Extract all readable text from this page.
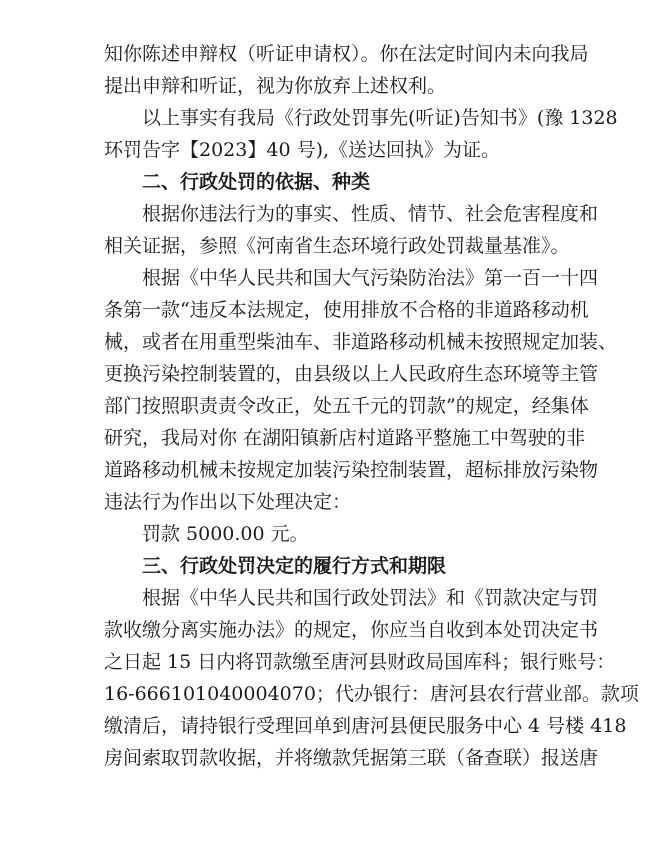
知你陈述申辩权（听证申请权）。你在法定时间内未向我局
提出申辩和听证，视为你放弃上述权利。
以上事实有我局《行政处罚事先(听证)告知书》(豫 1328
环罚告字【2023】40 号),《送达回执》为证。
二、行政处罚的依据、种类
根据你违法行为的事实、性质、情节、社会危害程度和
相关证据，参照《河南省生态环境行政处罚裁量基准》。
根据《中华人民共和国大气污染防治法》第一百一十四
条第一款“违反本法规定，使用排放不合格的非道路移动机
械，或者在用重型柴油车、非道路移动机械未按照规定加装、
更换污染控制装置的，由县级以上人民政府生态环境等主管
部门按照职责责令改正，处五千元的罚款”的规定，经集体
研究，我局对你 在湖阳镇新店村道路平整施工中驾驶的非
道路移动机械未按规定加装污染控制装置，超标排放污染物
违法行为作出以下处理决定：
罚款 5000.00 元。
三、行政处罚决定的履行方式和期限
根据《中华人民共和国行政处罚法》和《罚款决定与罚
款收缴分离实施办法》的规定，你应当自收到本处罚决定书
之日起 15 日内将罚款缴至唐河县财政局国库科；银行账号：
16-666101040004070；代办银行：唐河县农行营业部。款项
缴清后，请持银行受理回单到唐河县便民服务中心 4 号楼 418
房间索取罚款收据，并将缴款凭据第三联（备查联）报送唐
